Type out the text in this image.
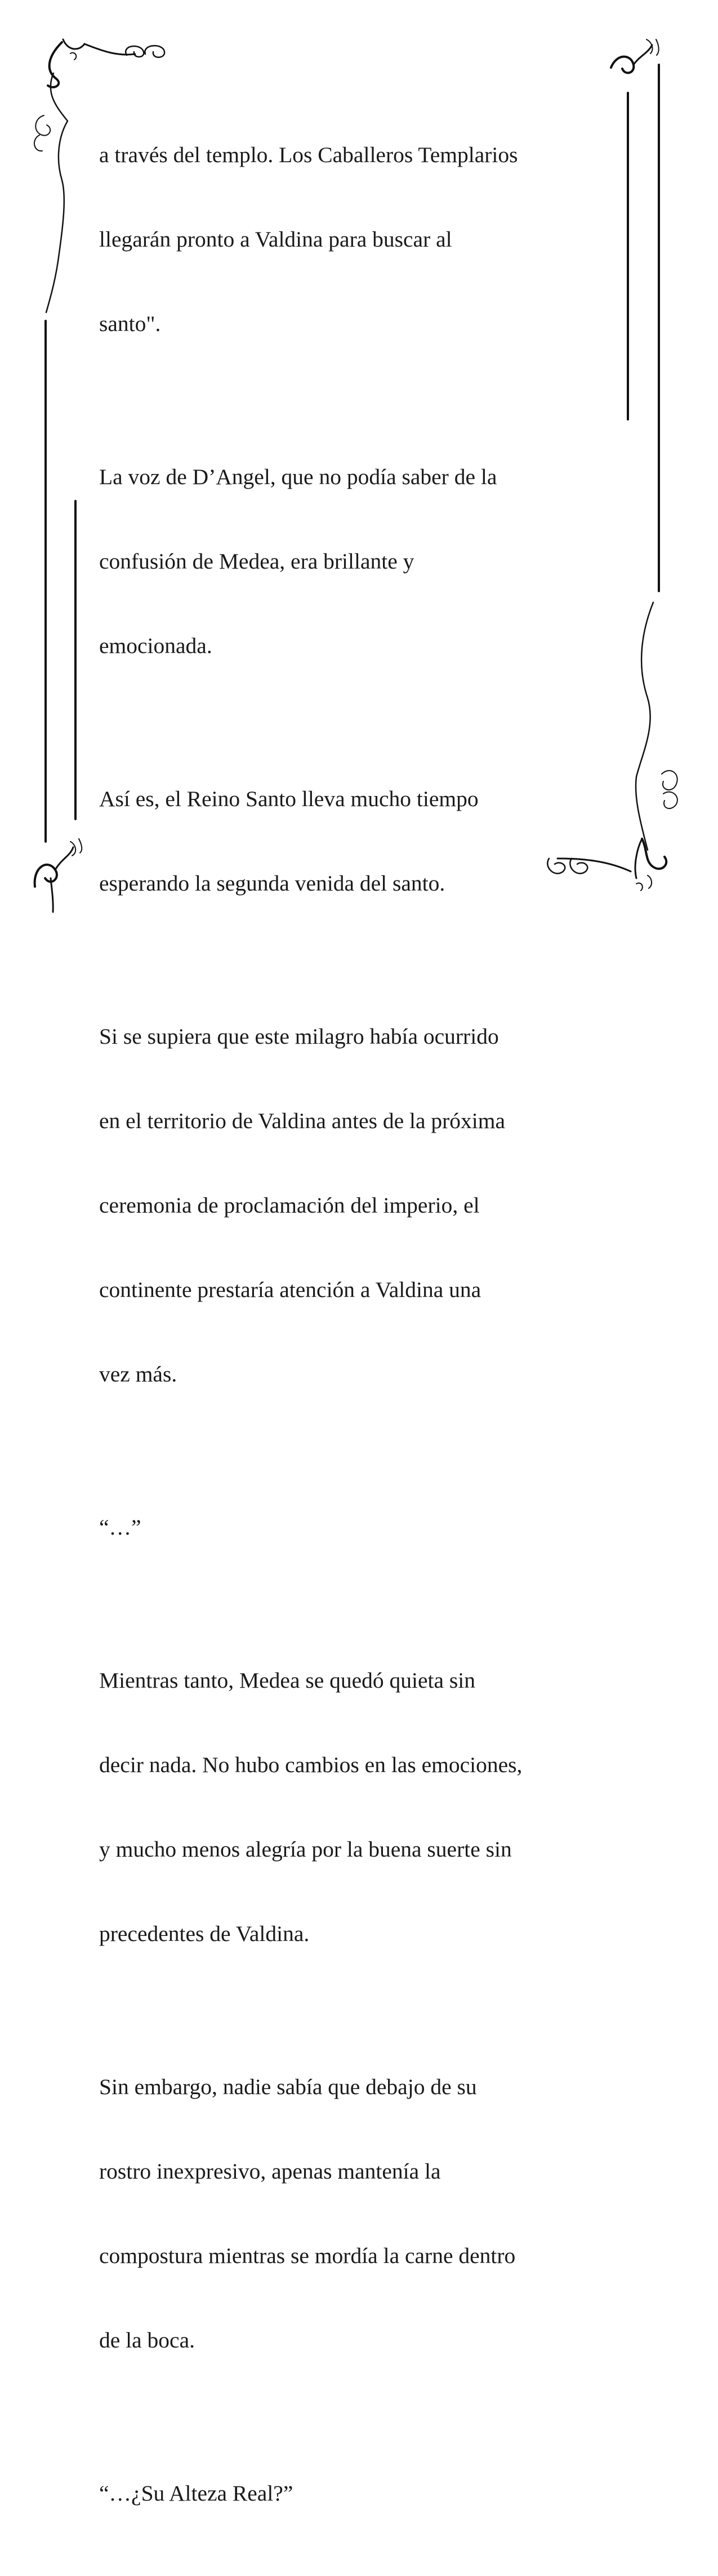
a través del templo. Los Caballeros Templarios

llegarán pronto a Valdina para buscar al

santo".

La voz de D’Angel, que no podía saber de la

confusión de Medea, era brillante y

emocionada.

Así es, el Reino Santo lleva mucho tiempo

esperando la segunda venida del santo.

Si se supiera que este milagro había ocurrido

en el territorio de Valdina antes de la próxima

ceremonia de proclamación del imperio, el

continente prestaría atención a Valdina una

vez más.

“…”

Mientras tanto, Medea se quedó quieta sin

decir nada. No hubo cambios en las emociones,

y mucho menos alegría por la buena suerte sin

precedentes de Valdina.

Sin embargo, nadie sabía que debajo de su

rostro inexpresivo, apenas mantenía la

compostura mientras se mordía la carne dentro

de la boca.

“…¿Su Alteza Real?”
